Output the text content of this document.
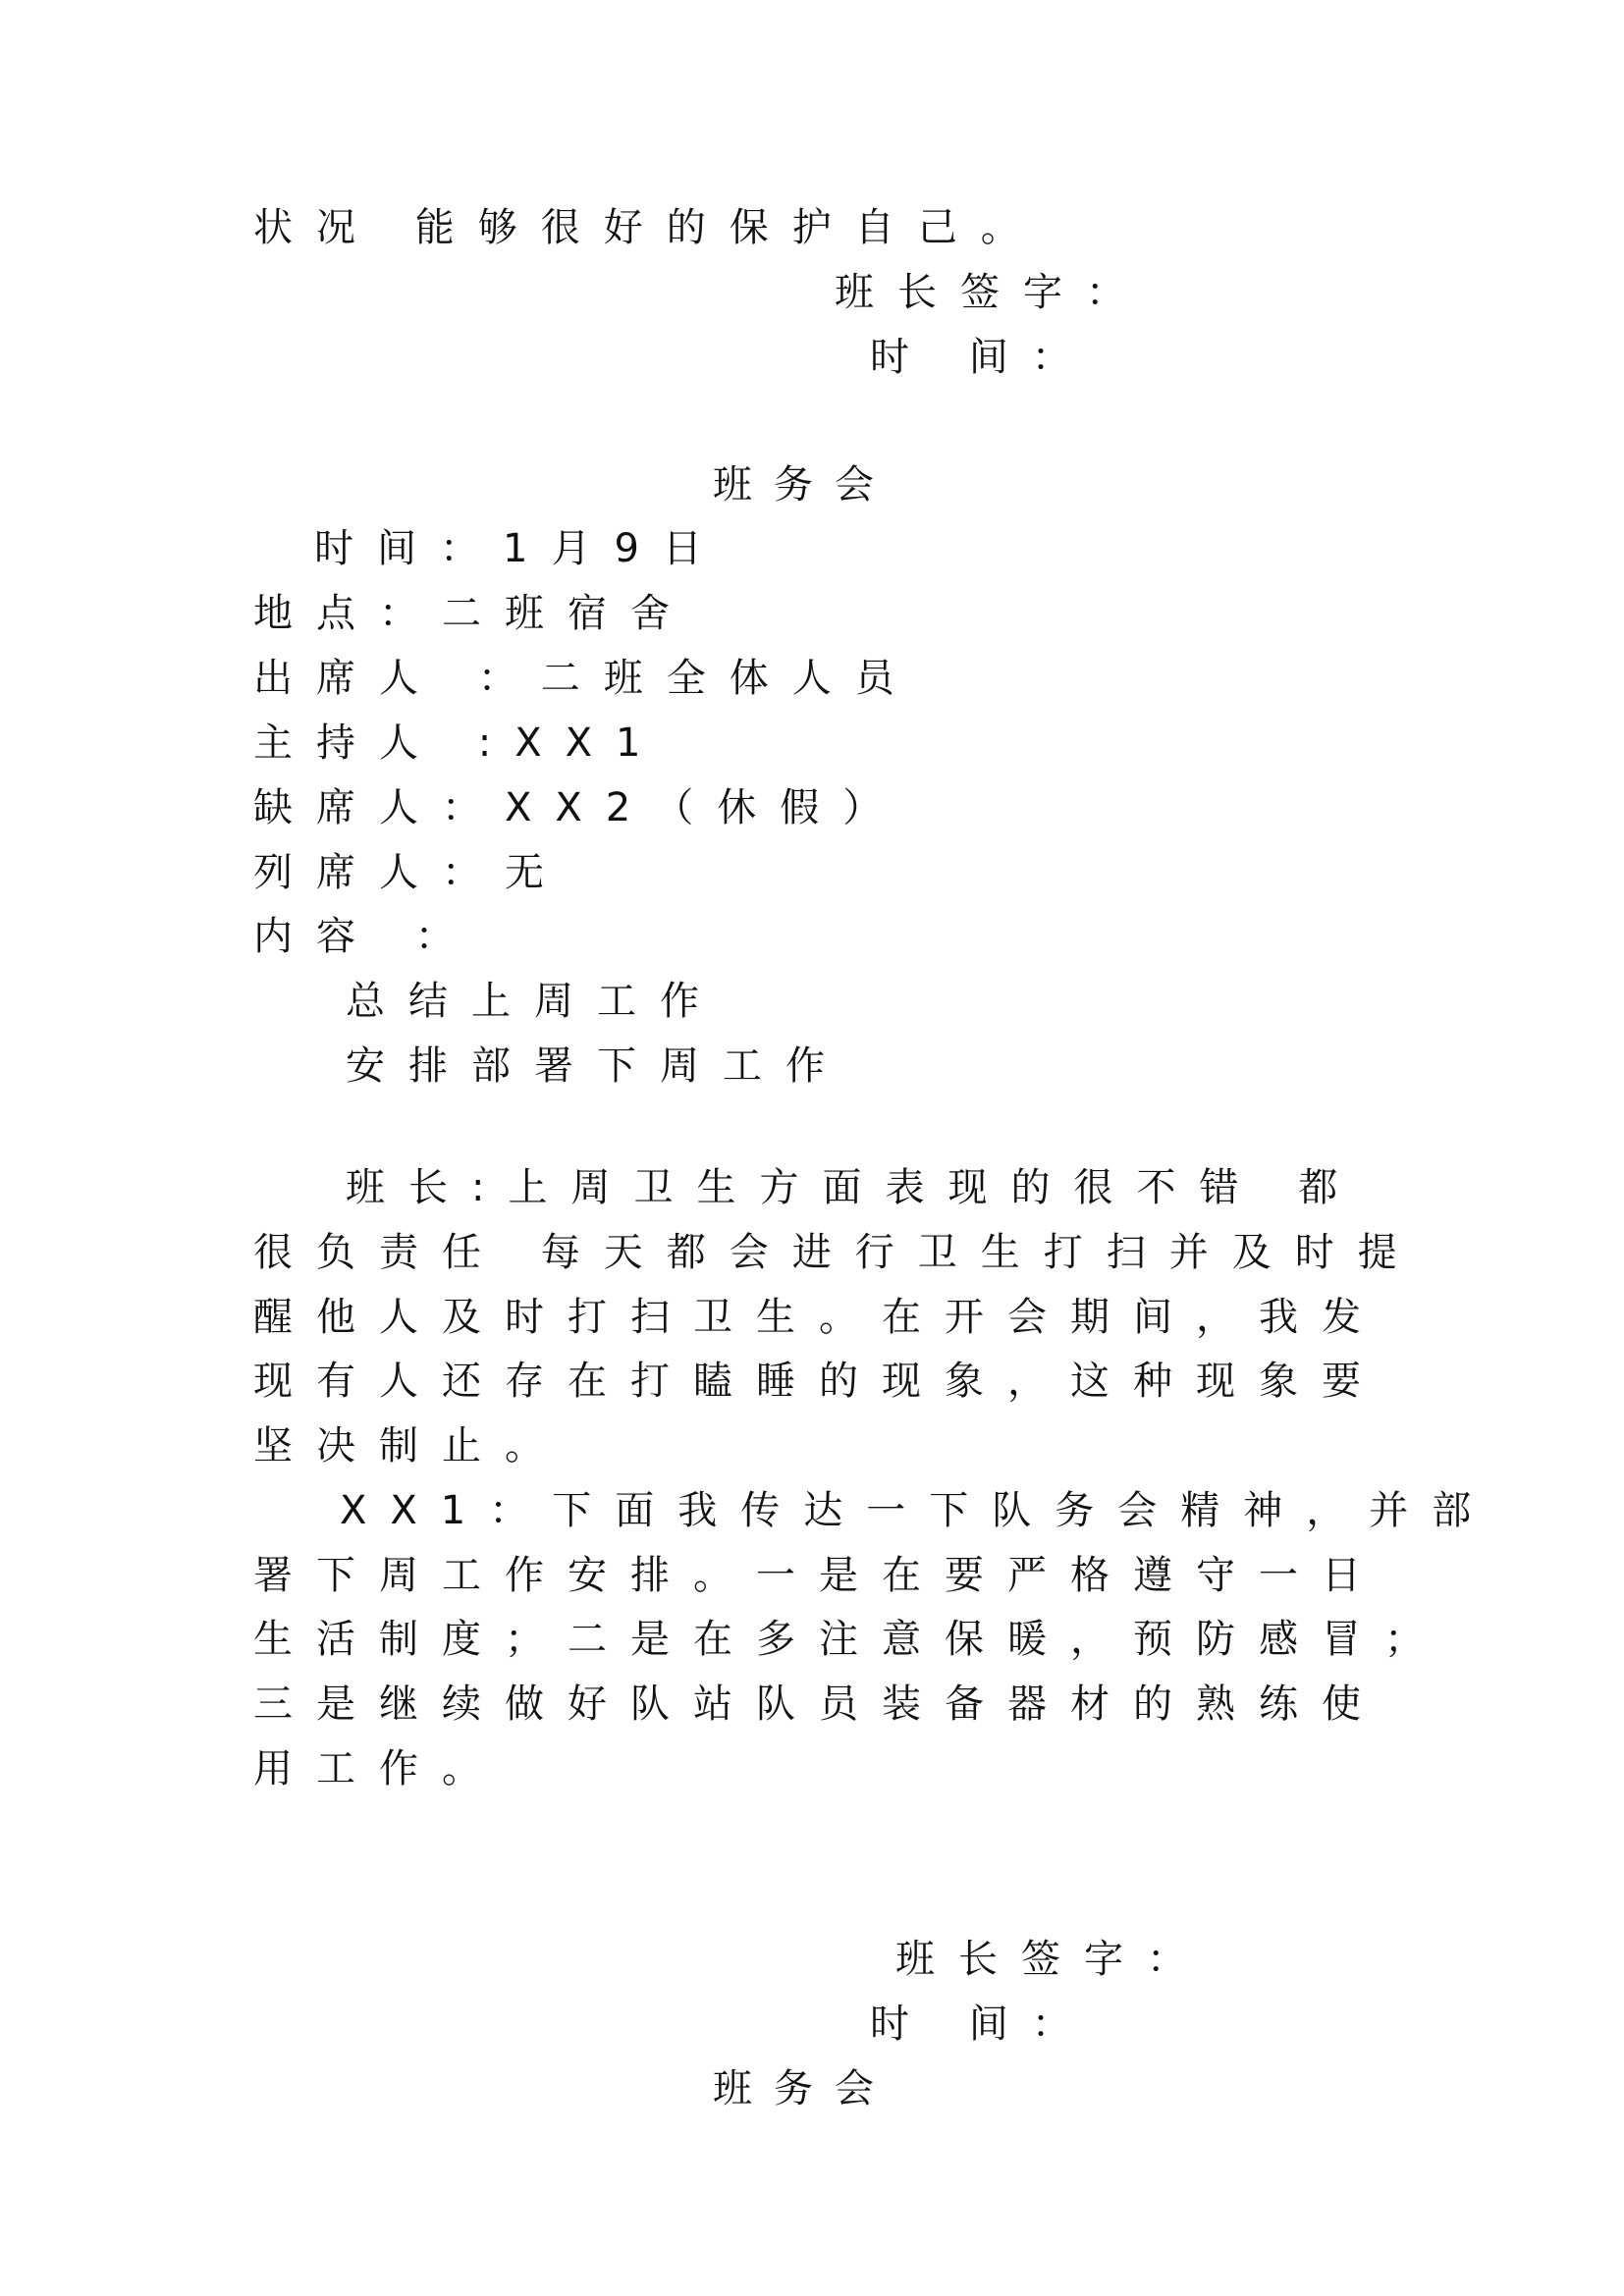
状况 能够很好的保护自己。
班长签字：
时 间：
班务会
时间：1月9日
地点：二班宿舍
出席人 ：二班全体人员
主持人 :XX1
缺席人：XX2（休假）
列席人：无
内容 ：
总结上周工作
安排部署下周工作
班长:上周卫生方面表现的很不错 都
很负责任 每天都会进行卫生打扫并及时提
醒他人及时打扫卫生。在开会期间，我发
现有人还存在打瞌睡的现象，这种现象要
坚决制止。
XX1：下面我传达一下队务会精神，并部
署下周工作安排。一是在要严格遵守一日
生活制度；二是在多注意保暖，预防感冒；
三是继续做好队站队员装备器材的熟练使
用工作。
班长签字：
时 间：
班务会
